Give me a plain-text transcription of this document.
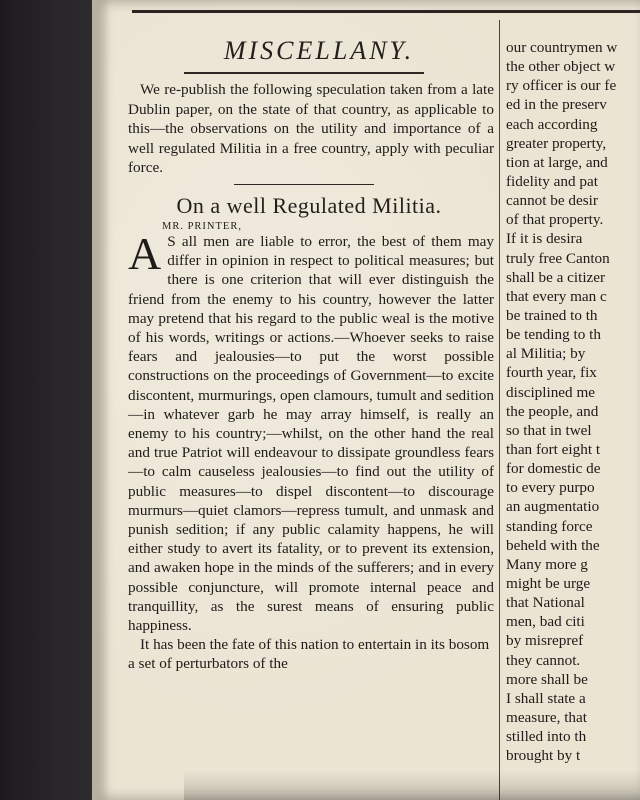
MISCELLANY.

We re-publish the following speculation taken from a late Dublin paper, on the state of that country, as applicable to this—the observations on the utility and importance of a well regulated Militia in a free country, apply with peculiar force.

On a well Regulated Militia.
MR. PRINTER,
A S all men are liable to error, the best of them may differ in opinion in respect to political measures; but there is one criterion that will ever distinguish the friend from the enemy to his country, however the latter may pretend that his regard to the public weal is the motive of his words, writings or actions.—Whoever seeks to raise fears and jealousies—to put the worst possible constructions on the proceedings of Government—to excite discontent, murmurings, open clamours, tumult and sedition—in whatever garb he may array himself, is really an enemy to his country;—whilst, on the other hand the real and true Patriot will endeavour to dissipate groundless fears—to calm causeless jealousies—to find out the utility of public measures—to dispel discontent—to discourage murmurs—quiet clamors—repress tumult, and unmask and punish sedition; if any public calamity happens, he will either study to avert its fatality, or to prevent its extension, and awaken hope in the minds of the sufferers; and in every possible conjuncture, will promote internal peace and tranquillity, as the surest means of ensuring public happiness.

It has been the fate of this nation to entertain in its bosom a set of perturbators of the

our countrymen w
the other object w
ry officer is our fe
ed in the preserv
each according
greater property,
tion at large, and
fidelity and pat
cannot be desir
of that property.
If it is desira
truly free Canton
shall be a citizer
that every man c
be trained to th
be tending to th
al Militia; by
fourth year, fix
disciplined me
the people, and
so that in twel
than fort eight t
for domestic de
to every purpo
an augmentatio
standing force
beheld with the
Many more g
might be urge
that National
men, bad citi
by misrepref
they cannot.
more shall be
I shall state a
measure, that
stilled into th
brought by t
